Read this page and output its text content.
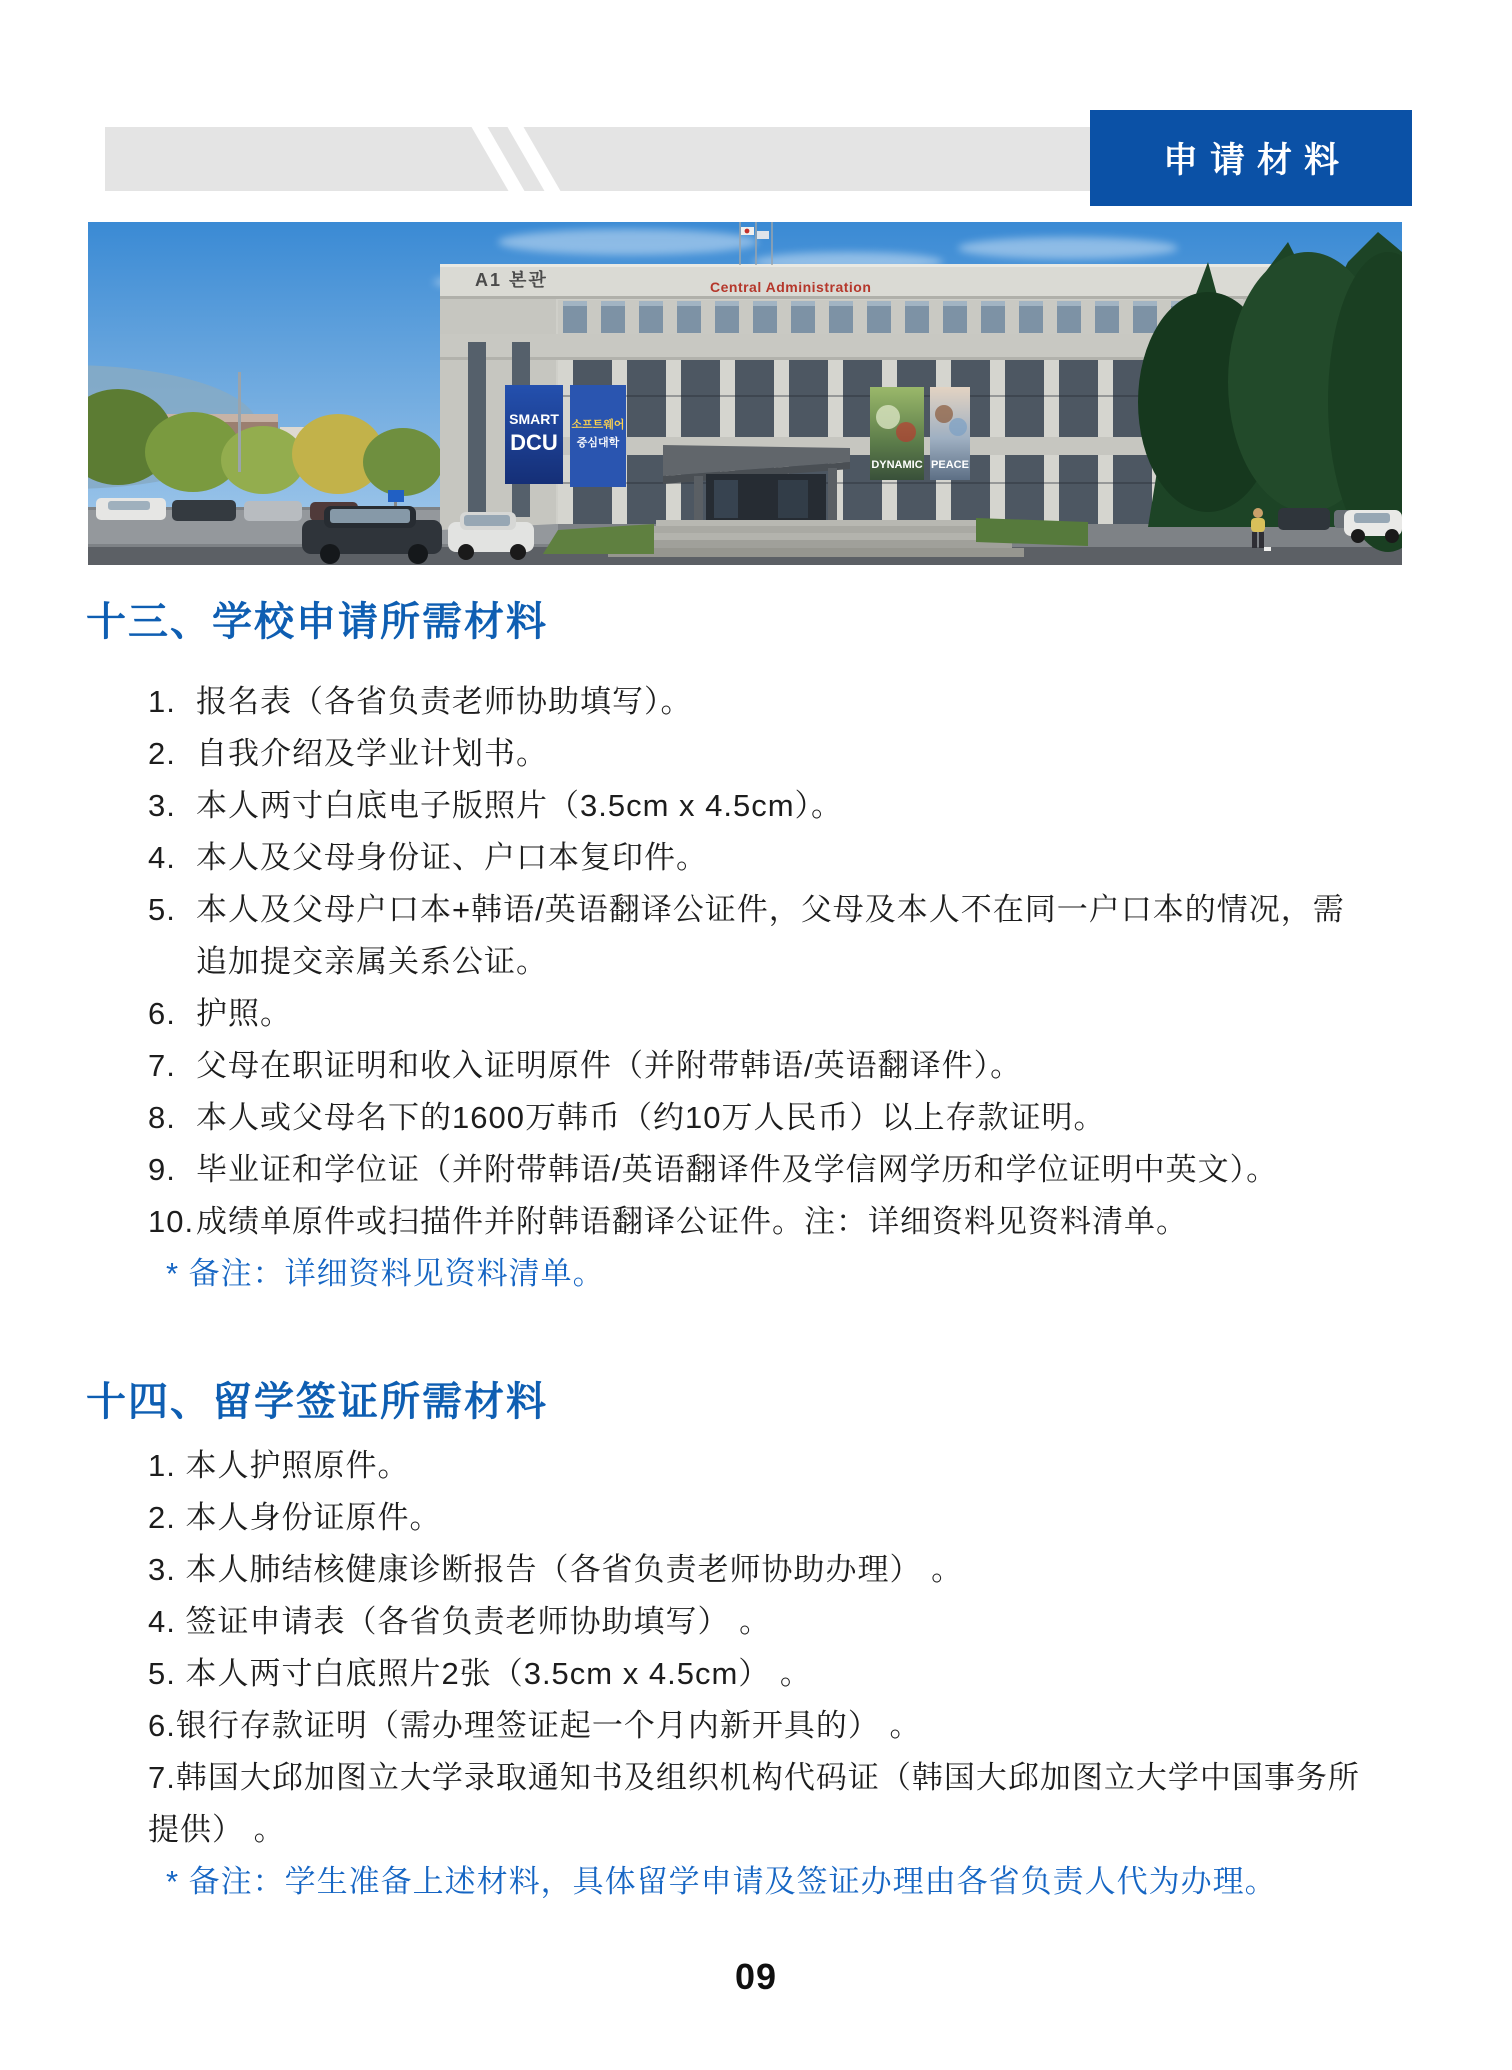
申请材料
A1 본관	Central Administration
SMART
DCU
소프트웨어
중심대학
DYNAMIC PEACE
十三、学校申请所需材料
1. 报名表（各省负责老师协助填写）。
2. 自我介绍及学业计划书。
3. 本人两寸白底电子版照片（3.5cm x 4.5cm）。
4. 本人及父母身份证、户口本复印件。
5. 本人及父母户口本+韩语/英语翻译公证件，父母及本人不在同一户口本的情况，需
追加提交亲属关系公证。
6. 护照。
7. 父母在职证明和收入证明原件（并附带韩语/英语翻译件）。
8. 本人或父母名下的1600万韩币（约10万人民币）以上存款证明。
9. 毕业证和学位证（并附带韩语/英语翻译件及学信网学历和学位证明中英文）。
10. 成绩单原件或扫描件并附韩语翻译公证件。注：详细资料见资料清单。
* 备注：详细资料见资料清单。
十四、留学签证所需材料

1. 本人护照原件。

2. 本人身份证原件。

3. 本人肺结核健康诊断报告（各省负责老师协助办理） 。

4. 签证申请表（各省负责老师协助填写） 。

5. 本人两寸白底照片2张（3.5cm x 4.5cm） 。

6.银行存款证明（需办理签证起一个月内新开具的） 。

7.韩国大邱加图立大学录取通知书及组织机构代码证（韩国大邱加图立大学中国事务所
提供） 。

* 备注：学生准备上述材料，具体留学申请及签证办理由各省负责人代为办理。
09
